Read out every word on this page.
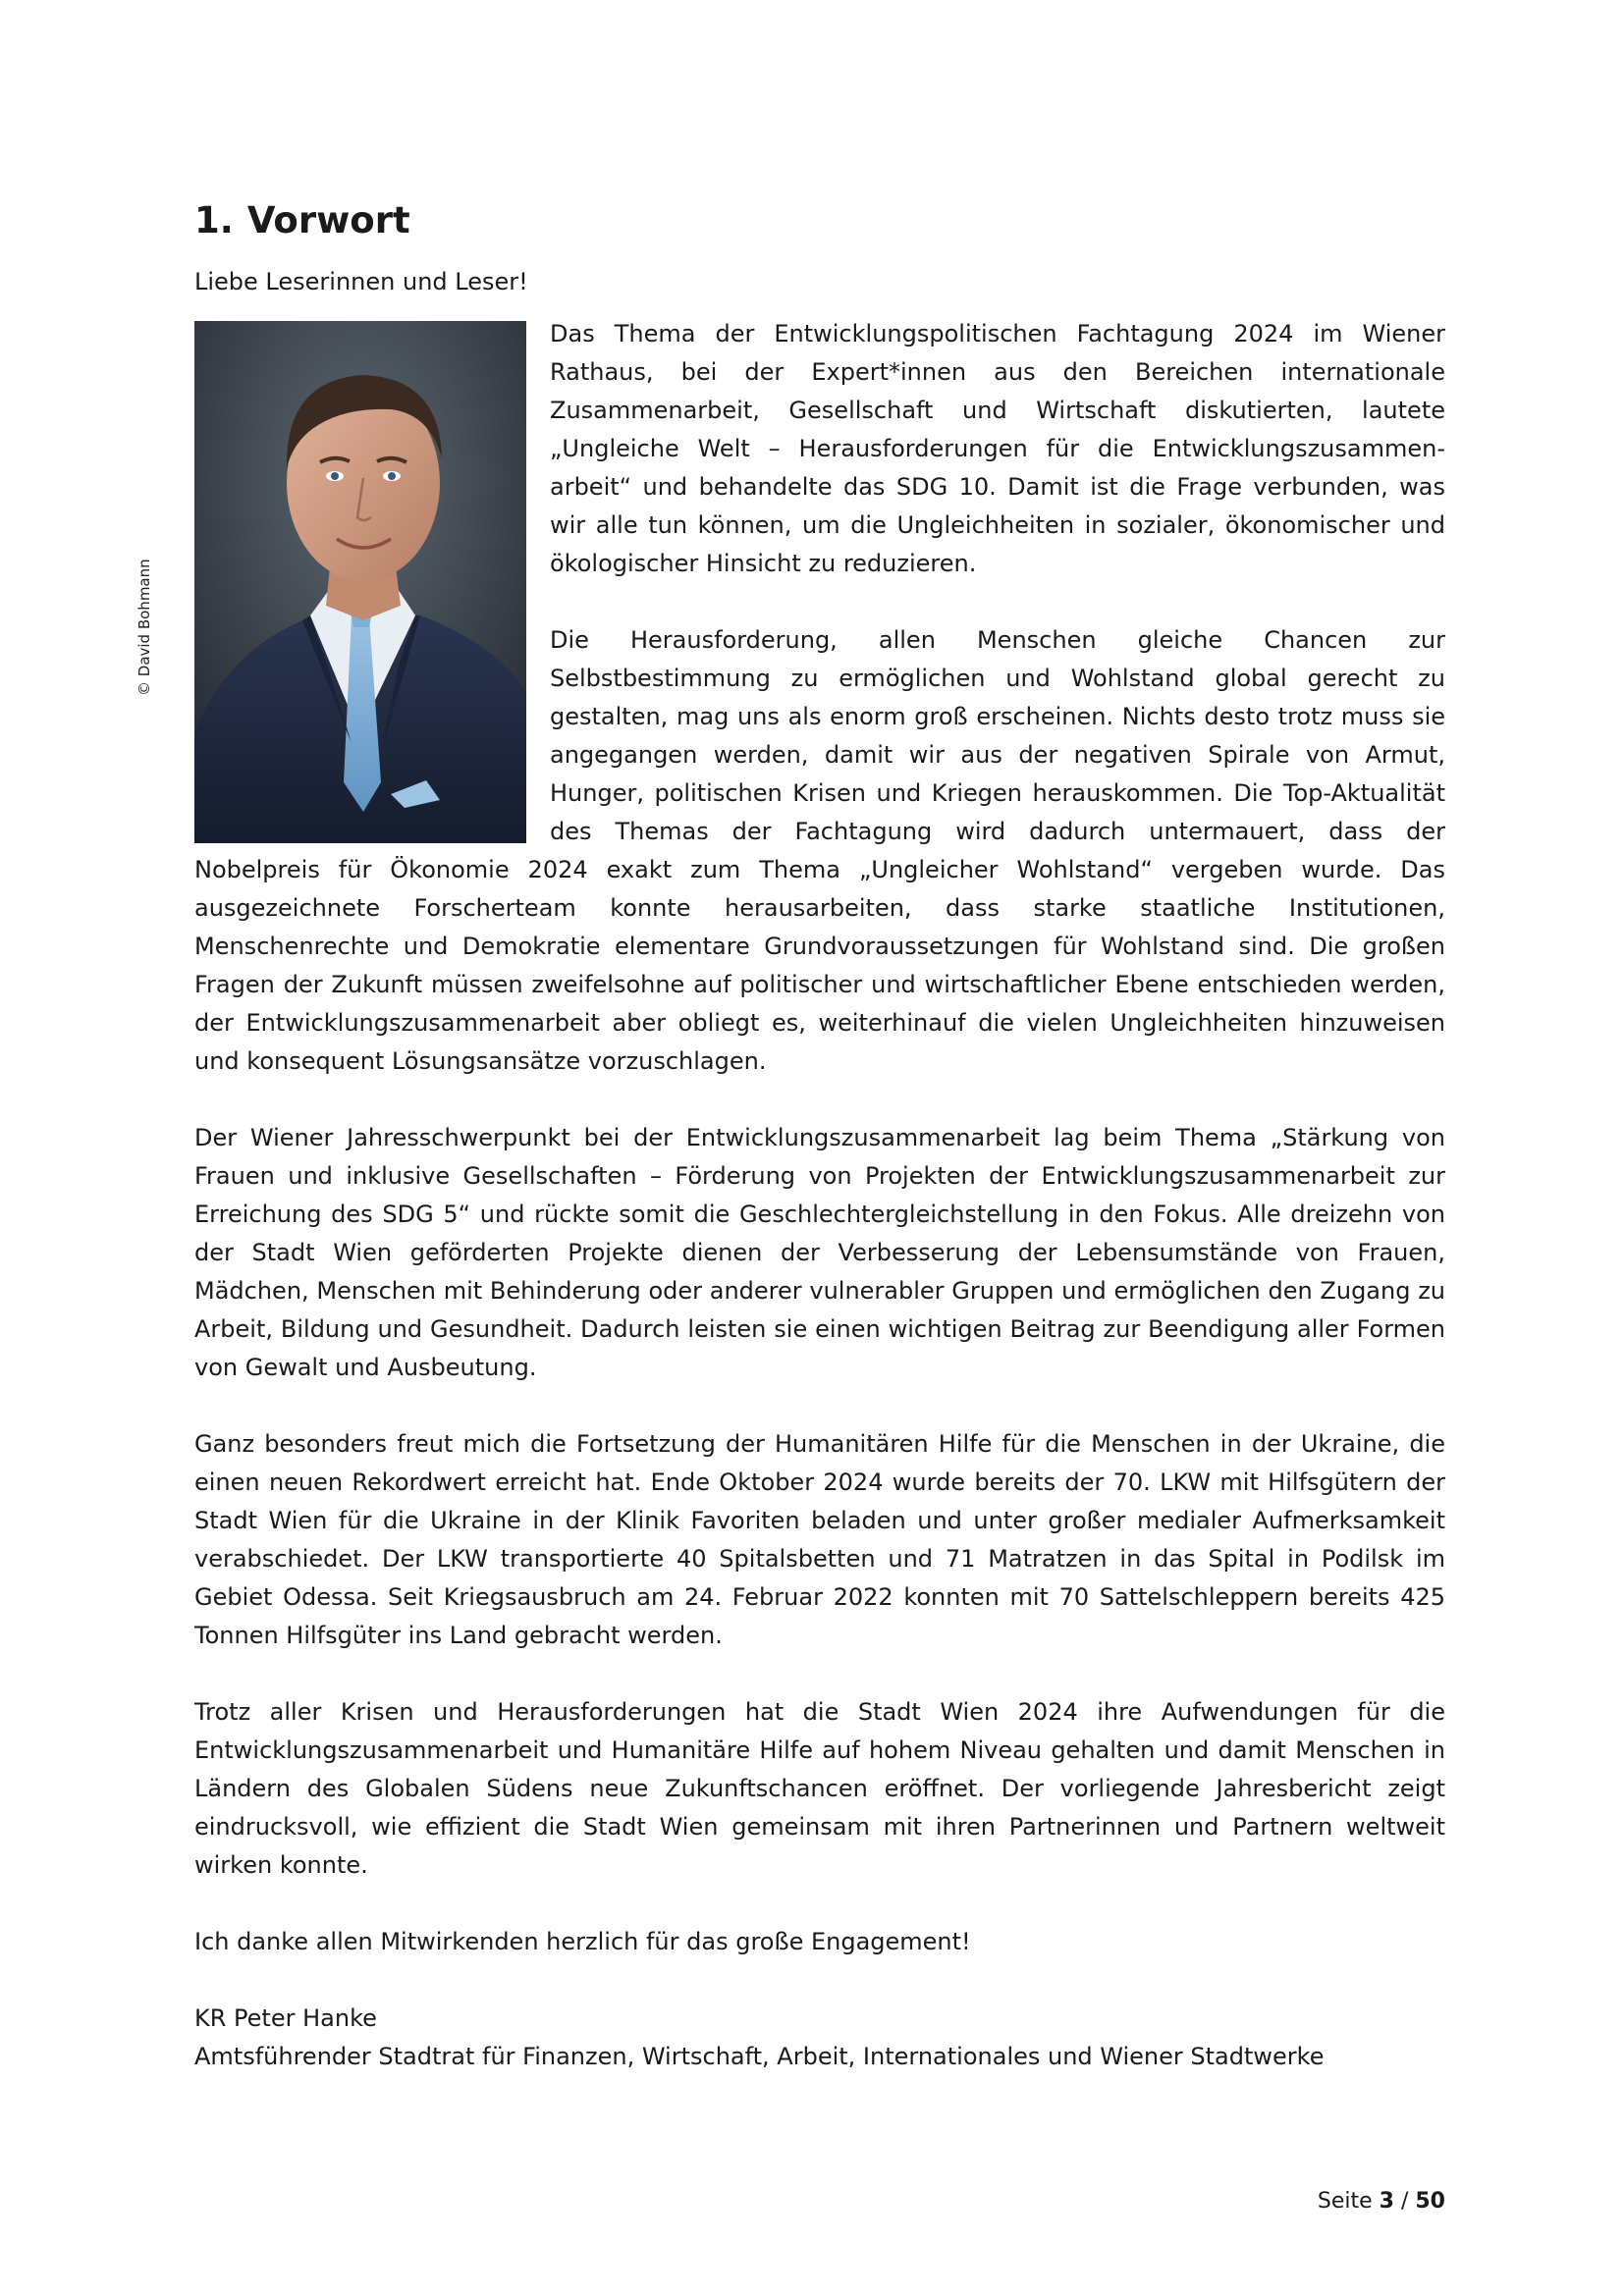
1. Vorwort

Liebe Leserinnen und Leser!

© David Bohmann

Das Thema der Entwicklungspolitischen Fachtagung 2024 im Wiener Rathaus, bei der Expert*innen aus den Bereichen internationale Zusammenarbeit, Gesellschaft und Wirtschaft diskutierten, lautete „Ungleiche Welt – Herausforderungen für die Entwicklungszusammenarbeit“ und behandelte das SDG 10. Damit ist die Frage verbunden, was wir alle tun können, um die Ungleichheiten in sozialer, ökonomischer und ökologischer Hinsicht zu reduzieren.

Die Herausforderung, allen Menschen gleiche Chancen zur Selbstbestimmung zu ermöglichen und Wohlstand global gerecht zu gestalten, mag uns als enorm groß erscheinen. Nichts desto trotz muss sie angegangen werden, damit wir aus der negativen Spirale von Armut, Hunger, politischen Krisen und Kriegen herauskommen. Die Top-Aktualität des Themas der Fachtagung wird dadurch untermauert, dass der Nobelpreis für Ökonomie 2024 exakt zum Thema „Ungleicher Wohlstand“ vergeben wurde. Das ausgezeichnete Forscherteam konnte herausarbeiten, dass starke staatliche Institutionen, Menschenrechte und Demokratie elementare Grundvoraussetzungen für Wohlstand sind. Die großen Fragen der Zukunft müssen zweifelsohne auf politischer und wirtschaftlicher Ebene entschieden werden, der Entwicklungszusammenarbeit aber obliegt es, weiterhinauf die vielen Ungleichheiten hinzuweisen und konsequent Lösungsansätze vorzuschlagen.

Der Wiener Jahresschwerpunkt bei der Entwicklungszusammenarbeit lag beim Thema „Stärkung von Frauen und inklusive Gesellschaften – Förderung von Projekten der Entwicklungszusammenarbeit zur Erreichung des SDG 5“ und rückte somit die Geschlechtergleichstellung in den Fokus. Alle dreizehn von der Stadt Wien geförderten Projekte dienen der Verbesserung der Lebensumstände von Frauen, Mädchen, Menschen mit Behinderung oder anderer vulnerabler Gruppen und ermöglichen den Zugang zu Arbeit, Bildung und Gesundheit. Dadurch leisten sie einen wichtigen Beitrag zur Beendigung aller Formen von Gewalt und Ausbeutung.

Ganz besonders freut mich die Fortsetzung der Humanitären Hilfe für die Menschen in der Ukraine, die einen neuen Rekordwert erreicht hat. Ende Oktober 2024 wurde bereits der 70. LKW mit Hilfsgütern der Stadt Wien für die Ukraine in der Klinik Favoriten beladen und unter großer medialer Aufmerksamkeit verabschiedet. Der LKW transportierte 40 Spitalsbetten und 71 Matratzen in das Spital in Podilsk im Gebiet Odessa. Seit Kriegsausbruch am 24. Februar 2022 konnten mit 70 Sattelschleppern bereits 425 Tonnen Hilfsgüter ins Land gebracht werden.

Trotz aller Krisen und Herausforderungen hat die Stadt Wien 2024 ihre Aufwendungen für die Entwicklungszusammenarbeit und Humanitäre Hilfe auf hohem Niveau gehalten und damit Menschen in Ländern des Globalen Südens neue Zukunftschancen eröffnet. Der vorliegende Jahresbericht zeigt eindrucksvoll, wie effizient die Stadt Wien gemeinsam mit ihren Partnerinnen und Partnern weltweit wirken konnte.

Ich danke allen Mitwirkenden herzlich für das große Engagement!

KR Peter Hanke

Amtsführender Stadtrat für Finanzen, Wirtschaft, Arbeit, Internationales und Wiener Stadtwerke

Seite 3 / 50
